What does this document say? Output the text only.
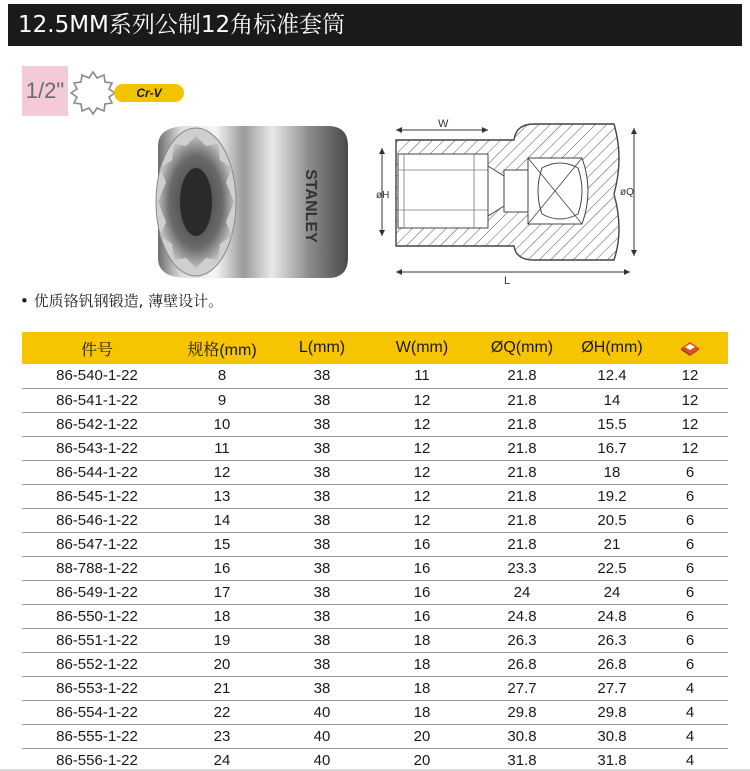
12.5MM系列公制12角标准套筒
1/2"	Cr-V
STANLEY
W
øH	øQ
L
• 优质铬钒钢锻造, 薄壁设计。
件号	规格(mm)	L(mm)	W(mm)	ØQ(mm)	ØH(mm)	
86-540-1-22	8	38	11	21.8	12.4	12
86-541-1-22	9	38	12	21.8	14	12
86-542-1-22	10	38	12	21.8	15.5	12
86-543-1-22	11	38	12	21.8	16.7	12
86-544-1-22	12	38	12	21.8	18	6
86-545-1-22	13	38	12	21.8	19.2	6
86-546-1-22	14	38	12	21.8	20.5	6
86-547-1-22	15	38	16	21.8	21	6
88-788-1-22	16	38	16	23.3	22.5	6
86-549-1-22	17	38	16	24	24	6
86-550-1-22	18	38	16	24.8	24.8	6
86-551-1-22	19	38	18	26.3	26.3	6
86-552-1-22	20	38	18	26.8	26.8	6
86-553-1-22	21	38	18	27.7	27.7	4
86-554-1-22	22	40	18	29.8	29.8	4
86-555-1-22	23	40	20	30.8	30.8	4
86-556-1-22	24	40	20	31.8	31.8	4
